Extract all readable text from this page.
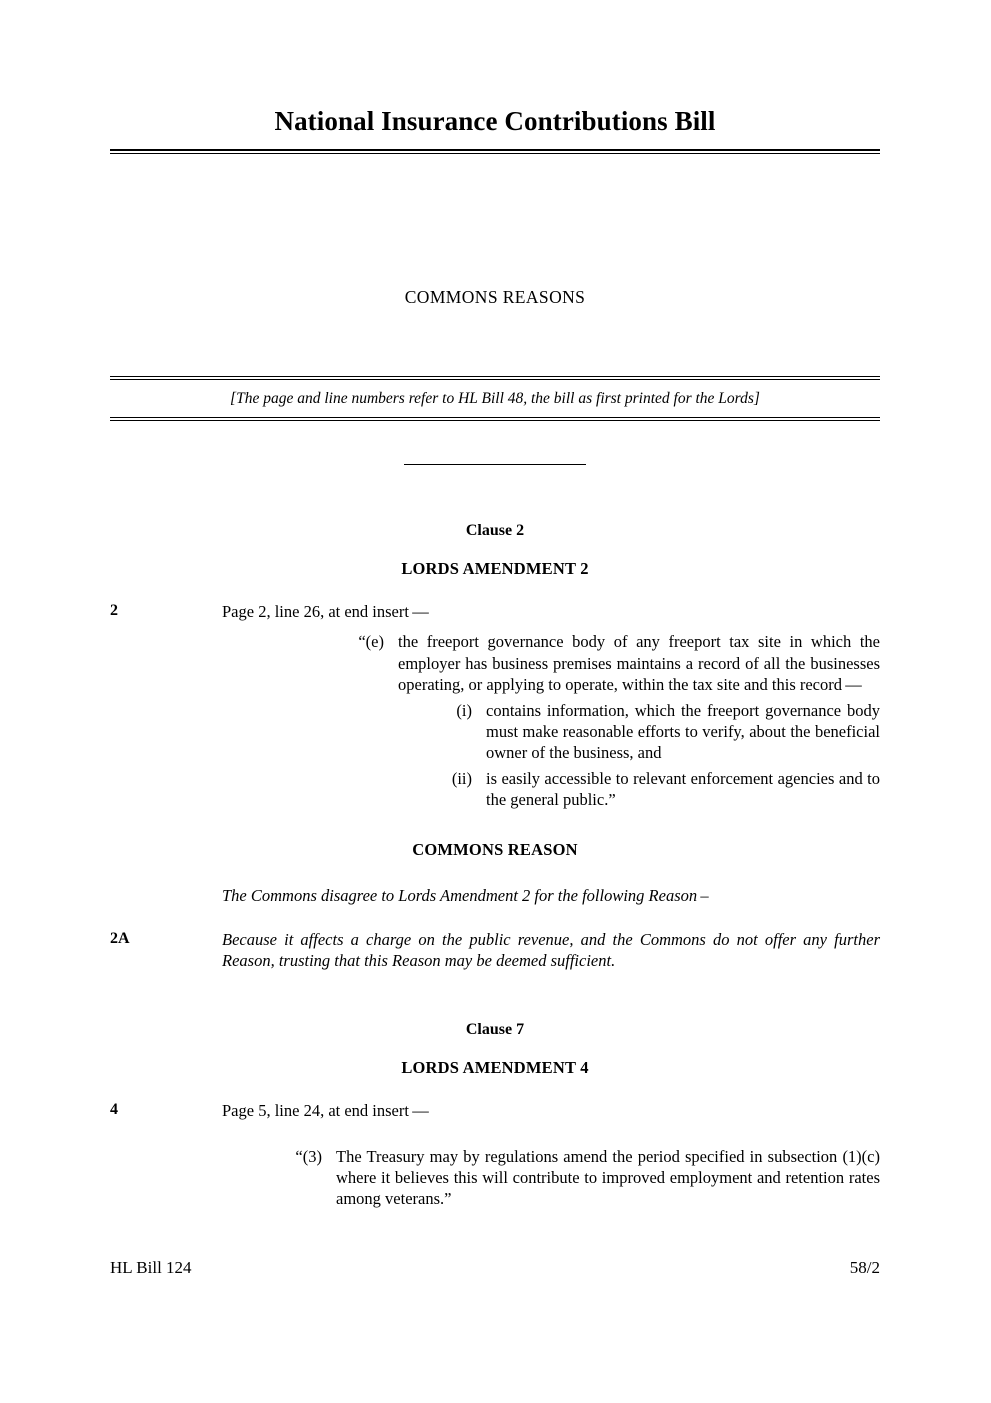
National Insurance Contributions Bill
COMMONS REASONS
[The page and line numbers refer to HL Bill 48, the bill as first printed for the Lords]
Clause 2
LORDS AMENDMENT 2
2	Page 2, line 26, at end insert —
“(e) the freeport governance body of any freeport tax site in which the employer has business premises maintains a record of all the businesses operating, or applying to operate, within the tax site and this record —
(i) contains information, which the freeport governance body must make reasonable efforts to verify, about the beneficial owner of the business, and
(ii) is easily accessible to relevant enforcement agencies and to the general public.”
COMMONS REASON
The Commons disagree to Lords Amendment 2 for the following Reason –
2A	Because it affects a charge on the public revenue, and the Commons do not offer any further Reason, trusting that this Reason may be deemed sufficient.
Clause 7
LORDS AMENDMENT 4
4	Page 5, line 24, at end insert —
“(3) The Treasury may by regulations amend the period specified in subsection (1)(c) where it believes this will contribute to improved employment and retention rates among veterans.”
HL Bill 124	58/2
